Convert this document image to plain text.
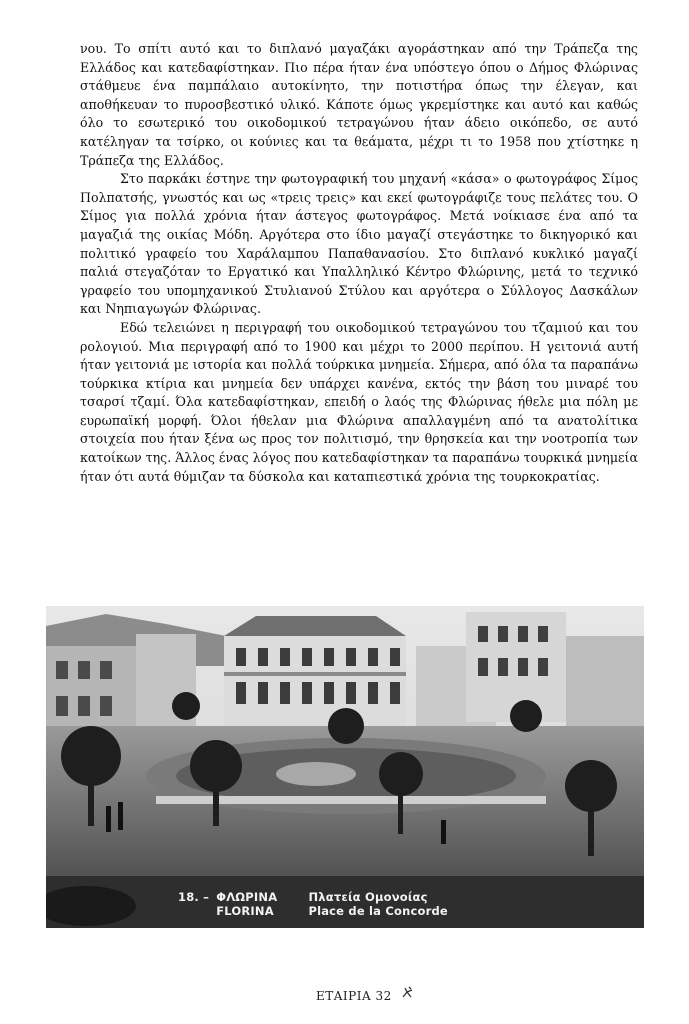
νου. Το σπίτι αυτό και το διπλανό μαγαζάκι αγοράστηκαν από την Τράπεζα της Ελλάδος και κατεδαφίστηκαν. Πιο πέρα ήταν ένα υπόστεγο όπου ο Δήμος Φλώρινας στάθμευε ένα παμπάλαιο αυτοκίνητο, την ποτιστήρα όπως την έλεγαν, και αποθήκευαν το πυροσβεστικό υλικό. Κάποτε όμως γκρεμίστηκε και αυτό και καθώς όλο το εσωτερικό του οικοδομικού τετραγώνου ήταν άδειο οικόπεδο, σε αυτό κατέληγαν τα τσίρκο, οι κούνιες και τα θεάματα, μέχρι τι το 1958 που χτίστηκε η Τράπεζα της Ελλάδος.

Στο παρκάκι έστηνε την φωτογραφική του μηχανή «κάσα» ο φωτογράφος Σίμος Πολπατσής, γνωστός και ως «τρεις τρεις» και εκεί φωτογράφιζε τους πελάτες του. Ο Σίμος για πολλά χρόνια ήταν άστεγος φωτογράφος. Μετά νοίκιασε ένα από τα μαγαζιά της οικίας Μόδη. Αργότερα στο ίδιο μαγαζί στεγάστηκε το δικηγορικό και πολιτικό γραφείο του Χαράλαμπου Παπαθανασίου. Στο διπλανό κυκλικό μαγαζί παλιά στεγαζόταν το Εργατικό και Υπαλληλικό Κέντρο Φλώρινης, μετά το τεχνικό γραφείο του υπομηχανικού Στυλιανού Στύλου και αργότερα ο Σύλλογος Δασκάλων και Νηπιαγωγών Φλώρινας.

Εδώ τελειώνει η περιγραφή του οικοδομικού τετραγώνου του τζαμιού και του ρολογιού. Μια περιγραφή από το 1900 και μέχρι το 2000 περίπου. Η γειτονιά αυτή ήταν γειτονιά με ιστορία και πολλά τούρκικα μνημεία. Σήμερα, από όλα τα παραπάνω τούρκικα κτίρια και μνημεία δεν υπάρχει κανένα, εκτός την βάση του μιναρέ του τσαρσί τζαμί. Όλα κατεδαφίστηκαν, επειδή ο λαός της Φλώρινας ήθελε μια πόλη με ευρωπαϊκή μορφή. Όλοι ήθελαν μια Φλώρινα απαλλαγμένη από τα ανατολίτικα στοιχεία που ήταν ξένα ως προς τον πολιτισμό, την θρησκεία και την νοοτροπία των κατοίκων της. Άλλος ένας λόγος που κατεδαφίστηκαν τα παραπάνω τουρκικά μνημεία ήταν ότι αυτά θύμιζαν τα δύσκολα και καταπιεστικά χρόνια της τουρκοκρατίας.

18. – ΦΛΩΡΙΝΑ	Πλατεία Ομονοίας
FLORINA	Place de la Concorde
ΕΤΑΙΡΙΑ 32
